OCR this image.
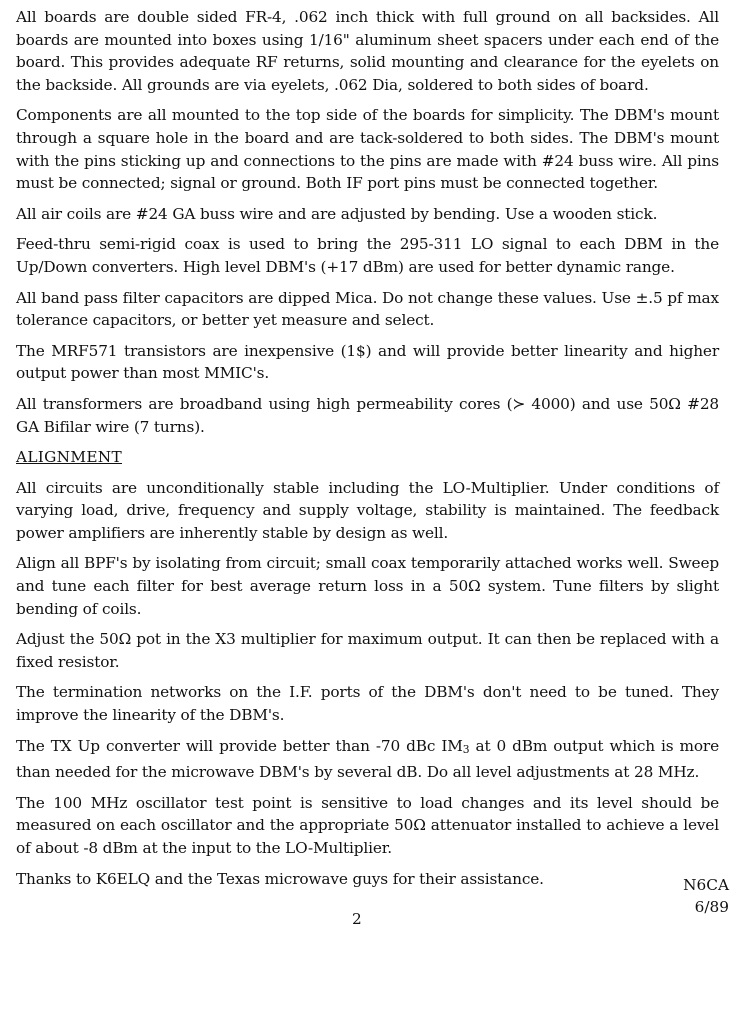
All boards are double sided FR-4, .062 inch thick with full ground on all backsides. All boards are mounted into boxes using 1/16" aluminum sheet spacers under each end of the board. This provides adequate RF returns, solid mounting and clearance for the eyelets on the backside. All grounds are via eyelets, .062 Dia, soldered to both sides of board.

Components are all mounted to the top side of the boards for simplicity. The DBM's mount through a square hole in the board and are tack-soldered to both sides. The DBM's mount with the pins sticking up and connections to the pins are made with #24 buss wire. All pins must be connected; signal or ground. Both IF port pins must be connected together.

All air coils are #24 GA buss wire and are adjusted by bending. Use a wooden stick.

Feed-thru semi-rigid coax is used to bring the 295-311 LO signal to each DBM in the Up/Down converters. High level DBM's (+17 dBm) are used for better dynamic range.

All band pass filter capacitors are dipped Mica. Do not change these values. Use ±.5 pf max tolerance capacitors, or better yet measure and select.

The MRF571 transistors are inexpensive (1$) and will provide better linearity and higher output power than most MMIC's.

All transformers are broadband using high permeability cores (≻ 4000) and use 50Ω #28 GA Bifilar wire (7 turns).

ALIGNMENT

All circuits are unconditionally stable including the LO-Multiplier. Under conditions of varying load, drive, frequency and supply voltage, stability is maintained. The feedback power amplifiers are inherently stable by design as well.

Align all BPF's by isolating from circuit; small coax temporarily attached works well. Sweep and tune each filter for best average return loss in a 50Ω system. Tune filters by slight bending of coils.

Adjust the 50Ω pot in the X3 multiplier for maximum output. It can then be replaced with a fixed resistor.

The termination networks on the I.F. ports of the DBM's don't need to be tuned. They improve the linearity of the DBM's.

The TX Up converter will provide better than -70 dBc IM3 at 0 dBm output which is more than needed for the microwave DBM's by several dB. Do all level adjustments at 28 MHz.

The 100 MHz oscillator test point is sensitive to load changes and its level should be measured on each oscillator and the appropriate 50Ω attenuator installed to achieve a level of about -8 dBm at the input to the LO-Multiplier.

Thanks to K6ELQ and the Texas microwave guys for their assistance.	N6CA
6/89
2
